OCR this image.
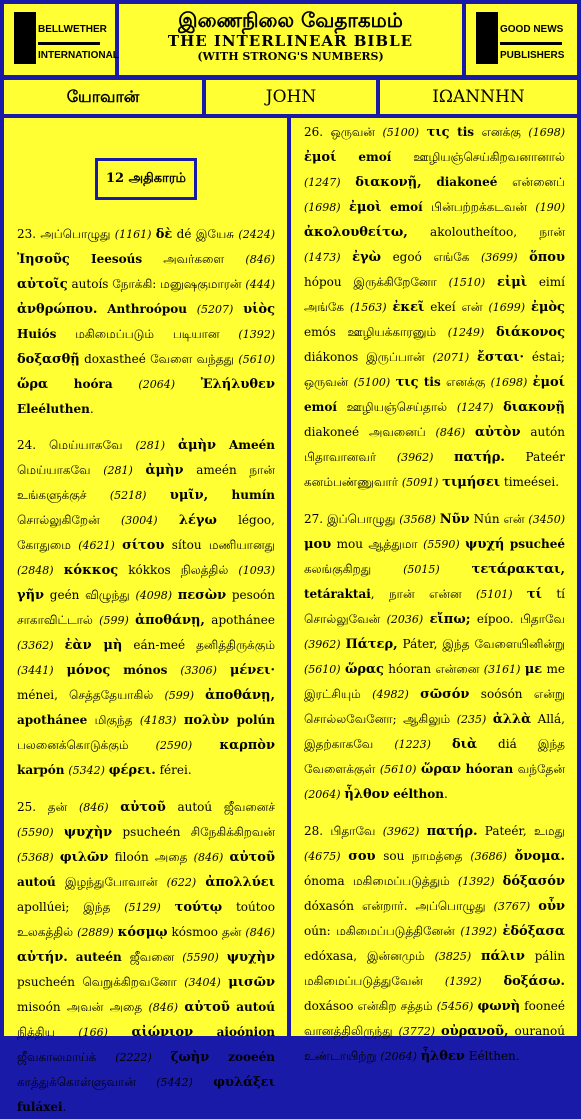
BELLWETHER
INTERNATIONAL
இணைநிலை வேதாகமம்
THE INTERLINEAR BIBLE
(WITH STRONG'S NUMBERS)
GOOD NEWS
PUBLISHERS
யோவான்	JOHN	IΩANNHN
12 அதிகாரம்

23. அப்பொழுது (1161) δὲ dé இயேசு (2424) Ἰησοῦς Ieesoús அவர்களை (846) αὐτοῖς autoís நோக்கி: மனுஷகுமாரன் (444) ἀνθρώπου. Anthroópou (5207) υἱὸς Huiós மகிமைப்படும் படியான (1392) δοξασθῇ doxastheé வேளை வந்தது (5610) ὥρα hoóra (2064) Ἐλήλυθεν Eleéluthen.

24. மெய்யாகவே (281) ἀμὴν Ameén மெய்யாகவே (281) ἀμὴν ameén நான் உங்களுக்குச் (5218) υμῖν, humín சொல்லுகிறேன் (3004) λέγω légoo, கோதுமை (4621) σίτου sítou மணியானது (2848) κόκκος kókkos நிலத்தில் (1093) γῆν geén விழுந்து (4098) πεσὼν pesoón சாகாவிட்டால் (599) ἀποθάνῃ, apothánee (3362) ἐὰν μὴ eán-meé தனித்திருக்கும் (3441) μόνος mónos (3306) μένει· ménei, செத்ததேயாகில் (599) ἀποθάνῃ, apothánee மிகுந்த (4183) πολὺν polún பலனைக்கொடுக்கும் (2590) καρπὸν karpón (5342) φέρει. férei.

25. தன் (846) αὐτοῦ autoú ஜீவனைச் (5590) ψυχὴν psucheén சிநேகிக்கிறவன் (5368) φιλῶν filoón அதை (846) αὐτοῦ autoú இழந்துபோவான் (622) ἀπολλύει apollúei; இந்த (5129) τούτῳ toútoo உலகத்தில் (2889) κόσμῳ kósmoo தன் (846) αὐτήν. auteén ஜீவனை (5590) ψυχὴν psucheén வெறுக்கிறவனோ (3404) μισῶν misoón அவன் அதை (846) αὐτοῦ autoú நித்திய (166) αἰώνιον aioónion ஜீவகாலமாய்க் (2222) ζωὴν zooeén காத்துக்கொள்ளுவான் (5442) φυλάξει fuláxei.

26. ஒருவன் (5100) τις tis எனக்கு (1698) ἐμοί emoí ஊழியஞ்செய்கிறவனானால் (1247) διακονῇ, diakoneé என்னைப் (1698) ἐμοὶ emoí பின்பற்றக்கடவன் (190) ἀκολουθείτω, akoloutheítoo, நான் (1473) ἐγὼ egoó எங்கே (3699) ὅπου hópou இருக்கிறேனோ (1510) εἰμὶ eimí அங்கே (1563) ἐκεῖ ekeí என் (1699) ἐμὸς emós ஊழியக்காரனும் (1249) διάκονος diákonos இருப்பான் (2071) ἔσται· éstai; ஒருவன் (5100) τις tis எனக்கு (1698) ἐμοί emoí ஊழியஞ்செய்தால் (1247) διακονῇ diakoneé அவனைப் (846) αὐτὸν autón பிதாவானவர் (3962) πατήρ. Pateér கனம்பண்ணுவார் (5091) τιμήσει timeései.

27. இப்பொழுது (3568) Νῦν Nún என் (3450) μου mou ஆத்துமா (5590) ψυχή psucheé கலங்குகிறது (5015) τετάρακται, tetáraktai, நான் என்ன (5101) τί tí சொல்லுவேன் (2036) εἴπω; eípoo. பிதாவே (3962) Πάτερ, Páter, இந்த வேளையினின்று (5610) ὥρας hóoran என்னை (3161) με me இரட்சியும் (4982) σῶσόν soósón என்று சொல்லவேனோ; ஆகிலும் (235) ἀλλὰ Allá, இதற்காகவே (1223) διὰ diá இந்த வேளைக்குள் (5610) ὥραν hóoran வந்தேன் (2064) ἦλθον eélthon.

28. பிதாவே (3962) πατήρ. Pateér, உமது (4675) σου sou நாமத்தை (3686) ὄνομα. ónoma மகிமைப்படுத்தும் (1392) δόξασόν dóxasón என்றார். அப்பொழுது (3767) οὖν oún: மகிமைப்படுத்தினேன் (1392) ἐδόξασα edóxasa, இன்னமும் (3825) πάλιν pálin மகிமைப்படுத்துவேன் (1392) δοξάσω. doxásoo என்கிற சத்தம் (5456) φωνὴ fooneé வானத்திலிருந்து (3772) οὐρανοῦ, ouranoú உண்டாயிற்று (2064) ἦλθεν Eélthen.
